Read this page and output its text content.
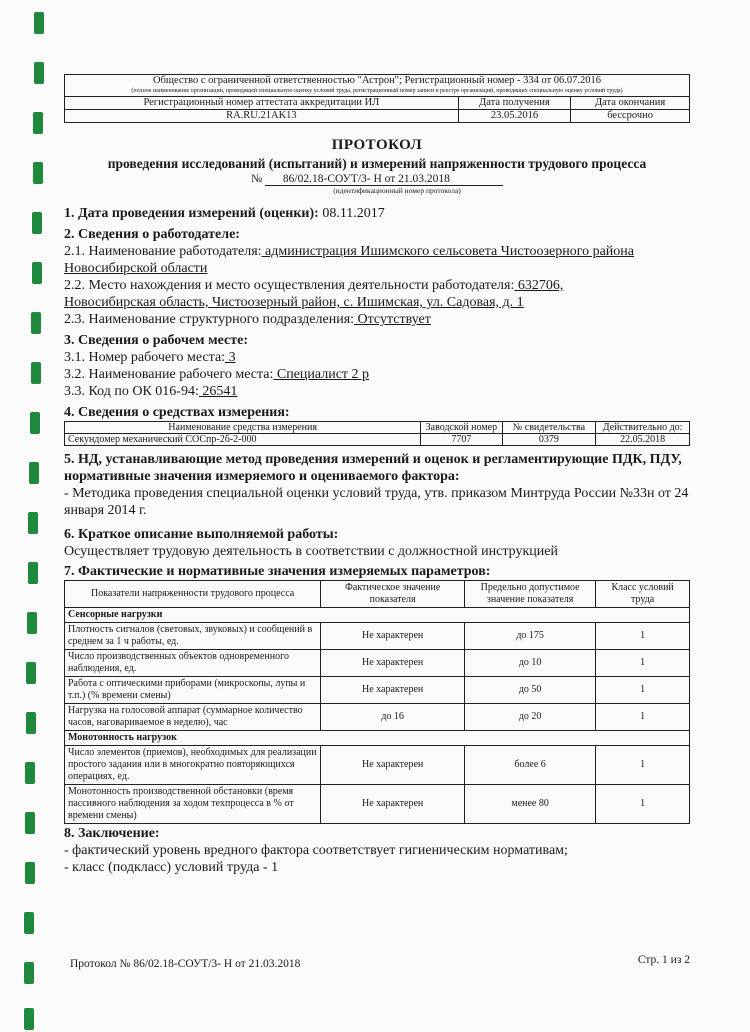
Общество с ограниченной ответственностью "Астрон"; Регистрационный номер - 334 от 06.07.2016
(полное наименование организации, проводящей специальную оценку условий труда, регистрационный номер записи в реестре организаций, проводящих специальную оценку условий труда)		

Регистрационный номер аттестата аккредитации ИЛ	Дата получения	Дата окончания
RA.RU.21AK13	23.05.2016	бессрочно
ПРОТОКОЛ
проведения исследований (испытаний) и измерений напряженности трудового процесса
№ 86/02.18-СОУТ/3- Н от 21.03.2018
(идентификационный номер протокола)
1. Дата проведения измерений (оценки): 08.11.2017
2. Сведения о работодателе:
2.1. Наименование работодателя: администрация Ишимского сельсовета Чистоозерного района
Новосибирской области
2.2. Место нахождения и место осуществления деятельности работодателя: 632706,
Новосибирская область, Чистоозерный район, с. Ишимская, ул. Садовая, д. 1
2.3. Наименование структурного подразделения: Отсутствует
3. Сведения о рабочем месте:
3.1. Номер рабочего места: 3
3.2. Наименование рабочего места: Специалист 2 р
3.3. Код по ОК 016-94: 26541
4. Сведения о средствах измерения:
Наименование средства измерения	Заводской номер	№ свидетельства	Действительно до:
Секундомер механический СОСпр-2б-2-000	7707	0379	22.05.2018
5. НД, устанавливающие метод проведения измерений и оценок и регламентирующие ПДК, ПДУ, нормативные значения измеряемого и оцениваемого фактора:
- Методика проведения специальной оценки условий труда, утв. приказом Минтруда России №33н от 24 января 2014 г.
6. Краткое описание выполняемой работы:
Осуществляет трудовую деятельность в соответствии с должностной инструкцией
7. Фактические и нормативные значения измеряемых параметров:
Показатели напряженности трудового процесса	Фактическое значение показателя	Предельно допустимое значение показателя	Класс условий труда
Сенсорные нагрузки			
Плотность сигналов (световых, звуковых) и сообщений в среднем за 1 ч работы, ед.	Не характерен	до 175	1
Число производственных объектов одновременного наблюдения, ед.	Не характерен	до 10	1
Работа с оптическими приборами (микроскопы, лупы и т.п.) (% времени смены)	Не характерен	до 50	1
Нагрузка на голосовой аппарат (суммарное количество часов, наговариваемое в неделю), час	до 16	до 20	1
Монотонность нагрузок			
Число элементов (приемов), необходимых для реализации простого задания или в многократно повторяющихся операциях, ед.	Не характерен	более 6	1
Монотонность производственной обстановки (время пассивного наблюдения за ходом техпроцесса в % от времени смены)	Не характерен	менее 80	1
8. Заключение:
- фактический уровень вредного фактора соответствует гигиеническим нормативам;
- класс (подкласс) условий труда - 1
Протокол № 86/02.18-СОУТ/3- Н от 21.03.2018	Стр. 1 из 2
